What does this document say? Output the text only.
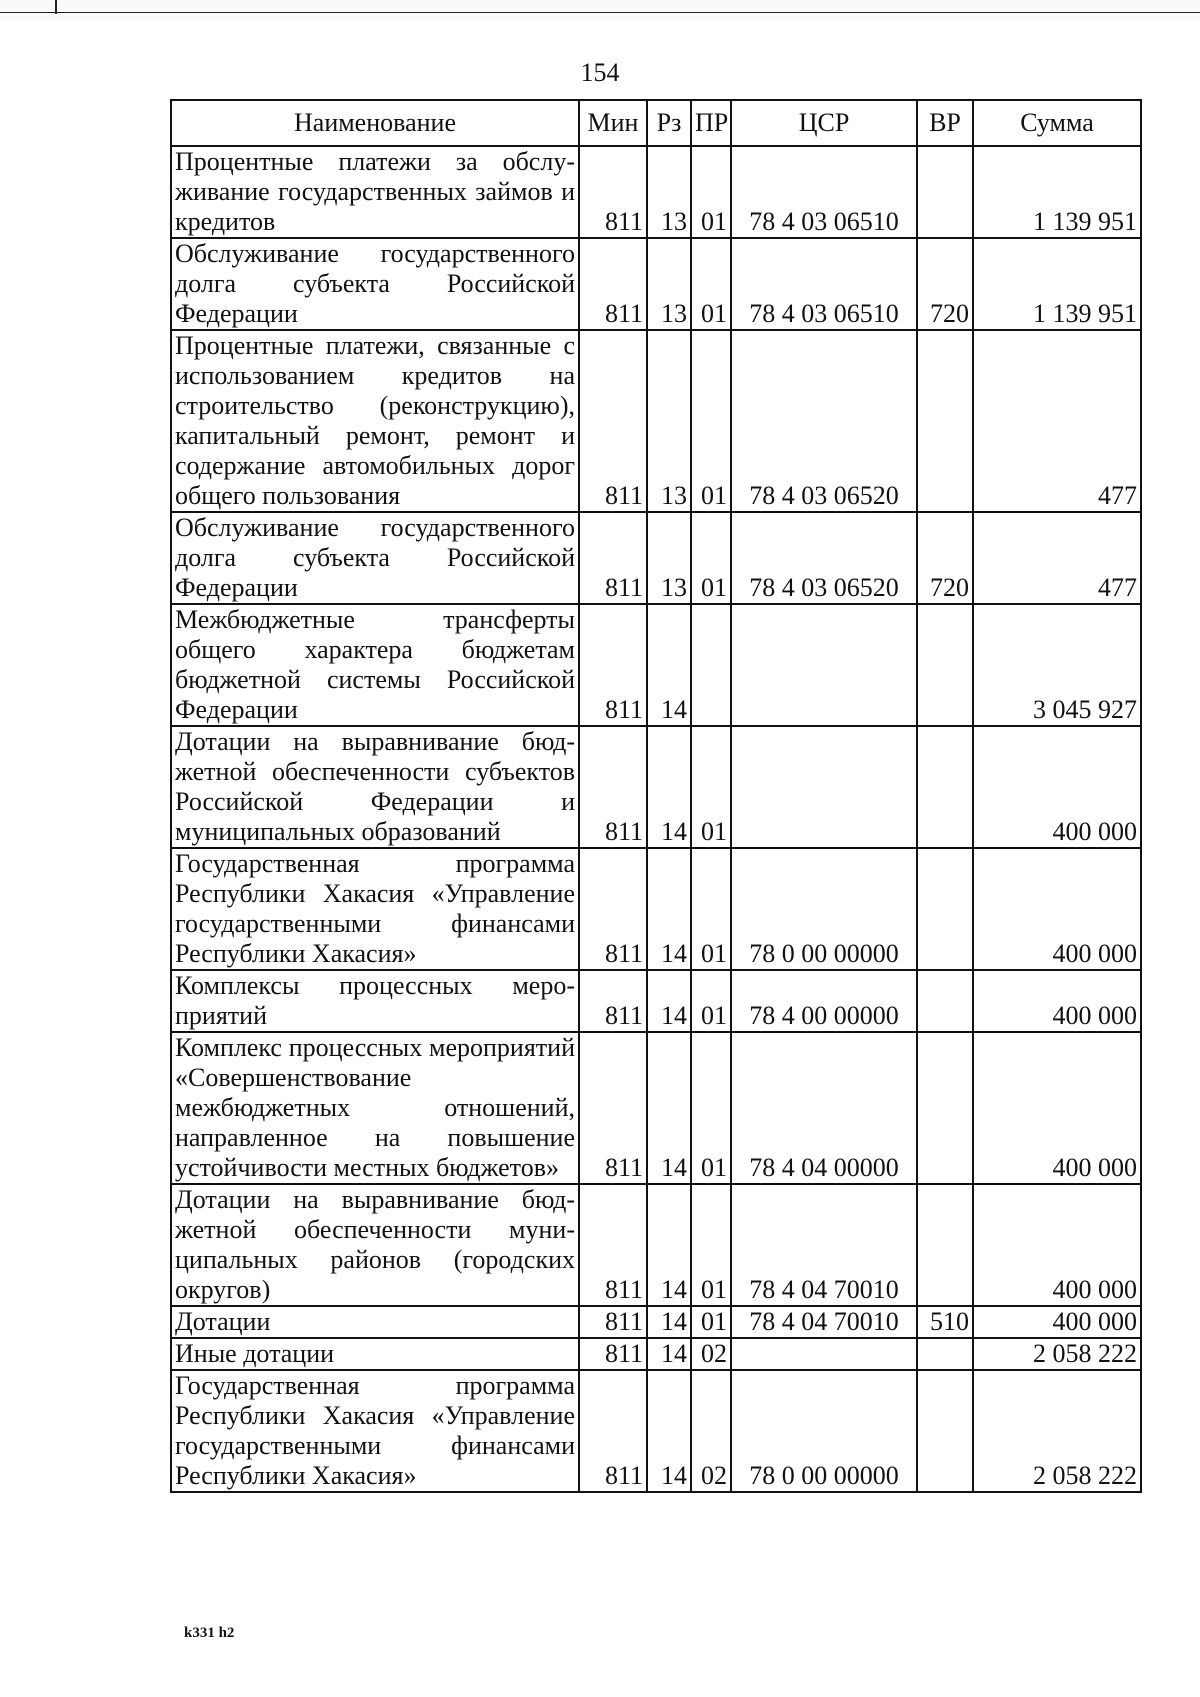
154
Наименование	Мин	Рз	ПР	ЦСР	ВР	Сумма
Процентные платежи за обслуживание государственных займов и кредитов	811	13	01	78 4 03 06510		1 139 951
Обслуживание государственного долга субъекта Российской Федерации	811	13	01	78 4 03 06510	720	1 139 951
Процентные платежи, связанные с использованием кредитов на строительство (реконструкцию), капитальный ремонт, ремонт и содержание автомобильных дорог общего пользования	811	13	01	78 4 03 06520		477
Обслуживание государственного долга субъекта Российской Федерации	811	13	01	78 4 03 06520	720	477
Межбюджетные трансферты общего характера бюджетам бюджетной системы Российской Федерации	811	14				3 045 927
Дотации на выравнивание бюджетной обеспеченности субъектов Российской Федерации и муниципальных образований	811	14	01			400 000
Государственная программа Республики Хакасия «Управление государственными финансами Республики Хакасия»	811	14	01	78 0 00 00000		400 000
Комплексы процессных мероприятий	811	14	01	78 4 00 00000		400 000
Комплекс процессных мероприятий «Совершенствование межбюджетных отношений, направленное на повышение устойчивости местных бюджетов»	811	14	01	78 4 04 00000		400 000
Дотации на выравнивание бюджетной обеспеченности муниципальных районов (городских округов)	811	14	01	78 4 04 70010		400 000
Дотации	811	14	01	78 4 04 70010	510	400 000
Иные дотации	811	14	02			2 058 222
Государственная программа Республики Хакасия «Управление государственными финансами Республики Хакасия»	811	14	02	78 0 00 00000		2 058 222
k331 h2
